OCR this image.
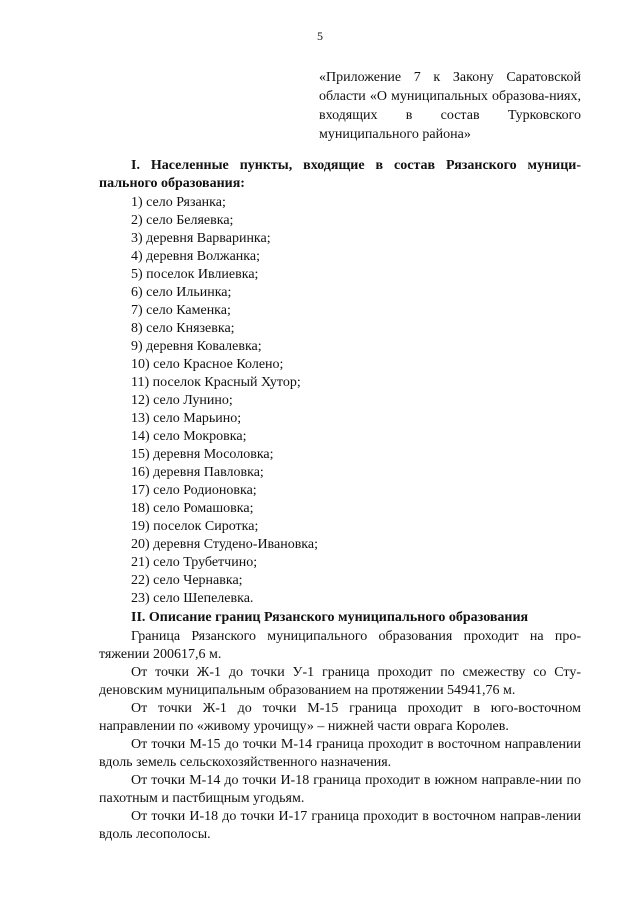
5
«Приложение 7 к Закону Саратовской области «О муниципальных образова-ниях, входящих в состав Турковского муниципального района»
I. Населенные пункты, входящие в состав Рязанского муници-пального образования:
1) село Рязанка;
2) село Беляевка;
3) деревня Варваринка;
4) деревня Волжанка;
5) поселок Ивлиевка;
6) село Ильинка;
7) село Каменка;
8) село Князевка;
9) деревня Ковалевка;
10) село Красное Колено;
11) поселок Красный Хутор;
12) село Лунино;
13) село Марьино;
14) село Мокровка;
15) деревня Мосоловка;
16) деревня Павловка;
17) село Родионовка;
18) село Ромашовка;
19) поселок Сиротка;
20) деревня Студено-Ивановка;
21) село Трубетчино;
22) село Чернавка;
23) село Шепелевка.
II. Описание границ Рязанского муниципального образования

Граница Рязанского муниципального образования проходит на про-тяжении 200617,6 м.

От точки Ж-1 до точки У-1 граница проходит по смежеству со Сту-деновским муниципальным образованием на протяжении 54941,76 м.

От точки Ж-1 до точки М-15 граница проходит в юго-восточном направлении по «живому урочищу» – нижней части оврага Королев.

От точки М-15 до точки М-14 граница проходит в восточном направлении вдоль земель сельскохозяйственного назначения.

От точки М-14 до точки И-18 граница проходит в южном направле-нии по пахотным и пастбищным угодьям.

От точки И-18 до точки И-17 граница проходит в восточном направ-лении вдоль лесополосы.
